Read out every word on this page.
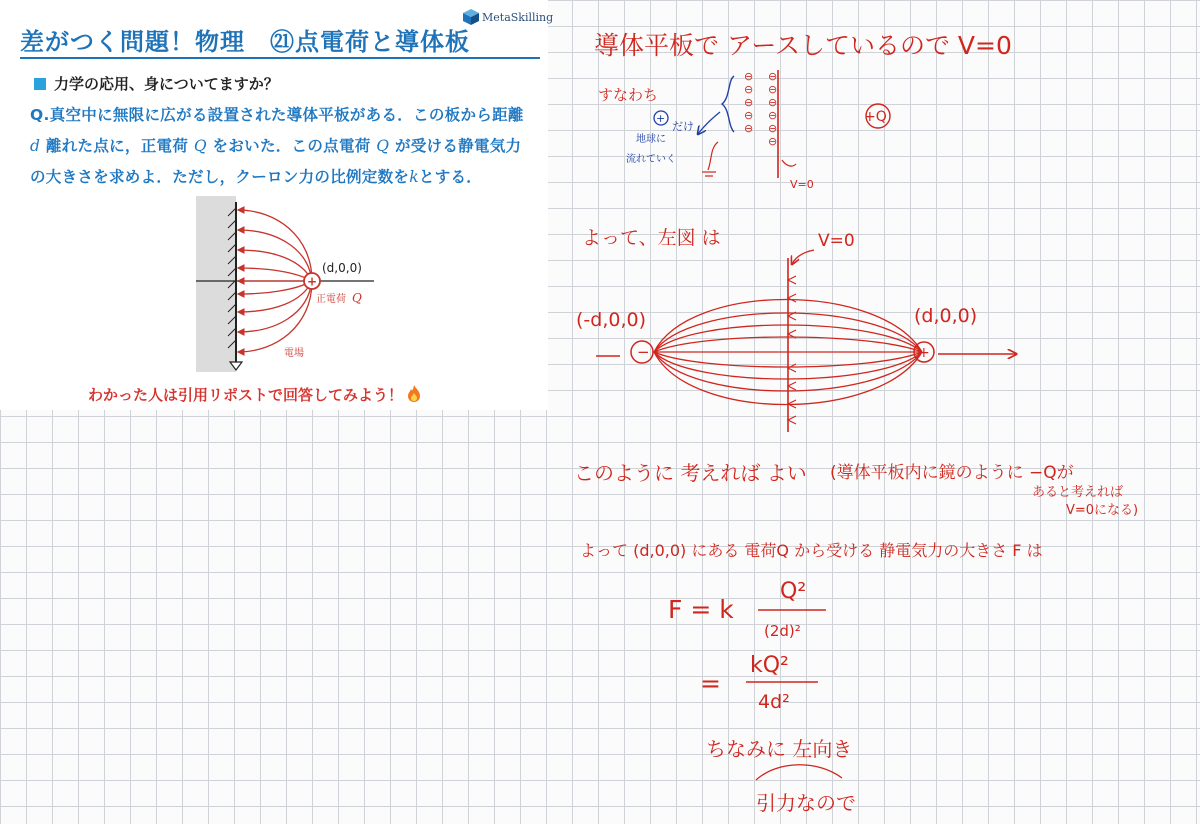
差がつく問題！物理　㉑点電荷と導体板
MetaSkilling
力学の応用、身についてますか？

Q.真空中に無限に広がる設置された導体平板がある．この板から距離 d 離れた点に，正電荷 Q をおいた．この点電荷 Q が受ける静電気力の大きさを求めよ．ただし，クーロン力の比例定数をkとする．

+
(d,0,0)
正電荷 Q
電場
わかった人は引用リポストで回答してみよう！
導体平板で アースしているので V=0
すなわち
⊖
⊖
⊖
⊖
⊖
⊖
⊖
⊖
⊖
⊖
⊖
+Q
V=0
+
だけ
地球に
流れていく
よって、左図 は	V=0
−	+
(-d,0,0)	(d,0,0)
このように 考えれば よい (導体平板内に鏡のように −Qが
あると考えれば
V=0になる)
よって (d,0,0) にある 電荷Q から受ける 静電気力の大きさ F は
F = k
Q²
(2d)²
=
kQ²
4d²
ちなみに 左向き
引力なので
